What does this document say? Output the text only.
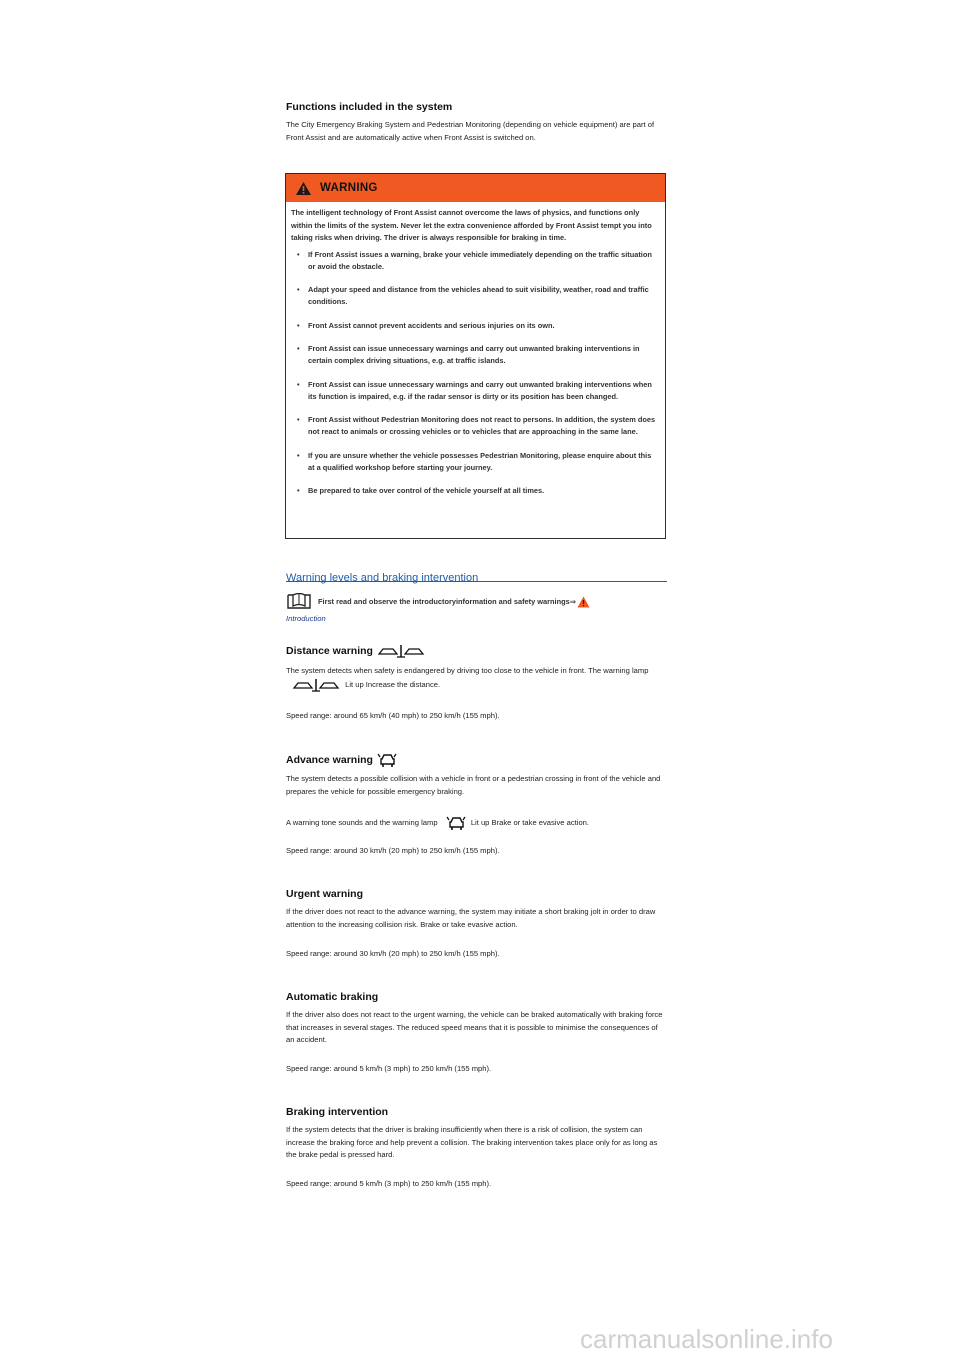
Functions included in the system

The City Emergency Braking System and Pedestrian Monitoring (depending on vehicle equipment) are part of Front Assist and are automatically active when Front Assist is switched on.

WARNING

The intelligent technology of Front Assist cannot overcome the laws of physics, and functions only within the limits of the system. Never let the extra convenience afforded by Front Assist tempt you into taking risks when driving. The driver is always responsible for braking in time.

• If Front Assist issues a warning, brake your vehicle immediately depending on the traffic situation or avoid the obstacle.
• Adapt your speed and distance from the vehicles ahead to suit visibility, weather, road and traffic conditions.
• Front Assist cannot prevent accidents and serious injuries on its own.
• Front Assist can issue unnecessary warnings and carry out unwanted braking interventions in certain complex driving situations, e.g. at traffic islands.
• Front Assist can issue unnecessary warnings and carry out unwanted braking interventions when its function is impaired, e.g. if the radar sensor is dirty or its position has been changed.
• Front Assist without Pedestrian Monitoring does not react to persons. In addition, the system does not react to animals or crossing vehicles or to vehicles that are approaching in the same lane.
• If you are unsure whether the vehicle possesses Pedestrian Monitoring, please enquire about this at a qualified workshop before starting your journey.
• Be prepared to take over control of the vehicle yourself at all times.
Warning levels and braking intervention
First read and observe the introductoryinformation and safety warnings⇒
Introduction
Distance warning

The system detects when safety is endangered by driving too close to the vehicle in front. The warning lamp  Lit up Increase the distance.

Speed range: around 65 km/h (40 mph) to 250 km/h (155 mph).

Advance warning

The system detects a possible collision with a vehicle in front or a pedestrian crossing in front of the vehicle and prepares the vehicle for possible emergency braking.

A warning tone sounds and the warning lamp	Lit up Brake or take evasive action.

Speed range: around 30 km/h (20 mph) to 250 km/h (155 mph).

Urgent warning

If the driver does not react to the advance warning, the system may initiate a short braking jolt in order to draw attention to the increasing collision risk. Brake or take evasive action.

Speed range: around 30 km/h (20 mph) to 250 km/h (155 mph).

Automatic braking

If the driver also does not react to the urgent warning, the vehicle can be braked automatically with braking force that increases in several stages. The reduced speed means that it is possible to minimise the consequences of an accident.

Speed range: around 5 km/h (3 mph) to 250 km/h (155 mph).

Braking intervention

If the system detects that the driver is braking insufficiently when there is a risk of collision, the system can increase the braking force and help prevent a collision. The braking intervention takes place only for as long as the brake pedal is pressed hard.

Speed range: around 5 km/h (3 mph) to 250 km/h (155 mph).

carmanualsonline.info
